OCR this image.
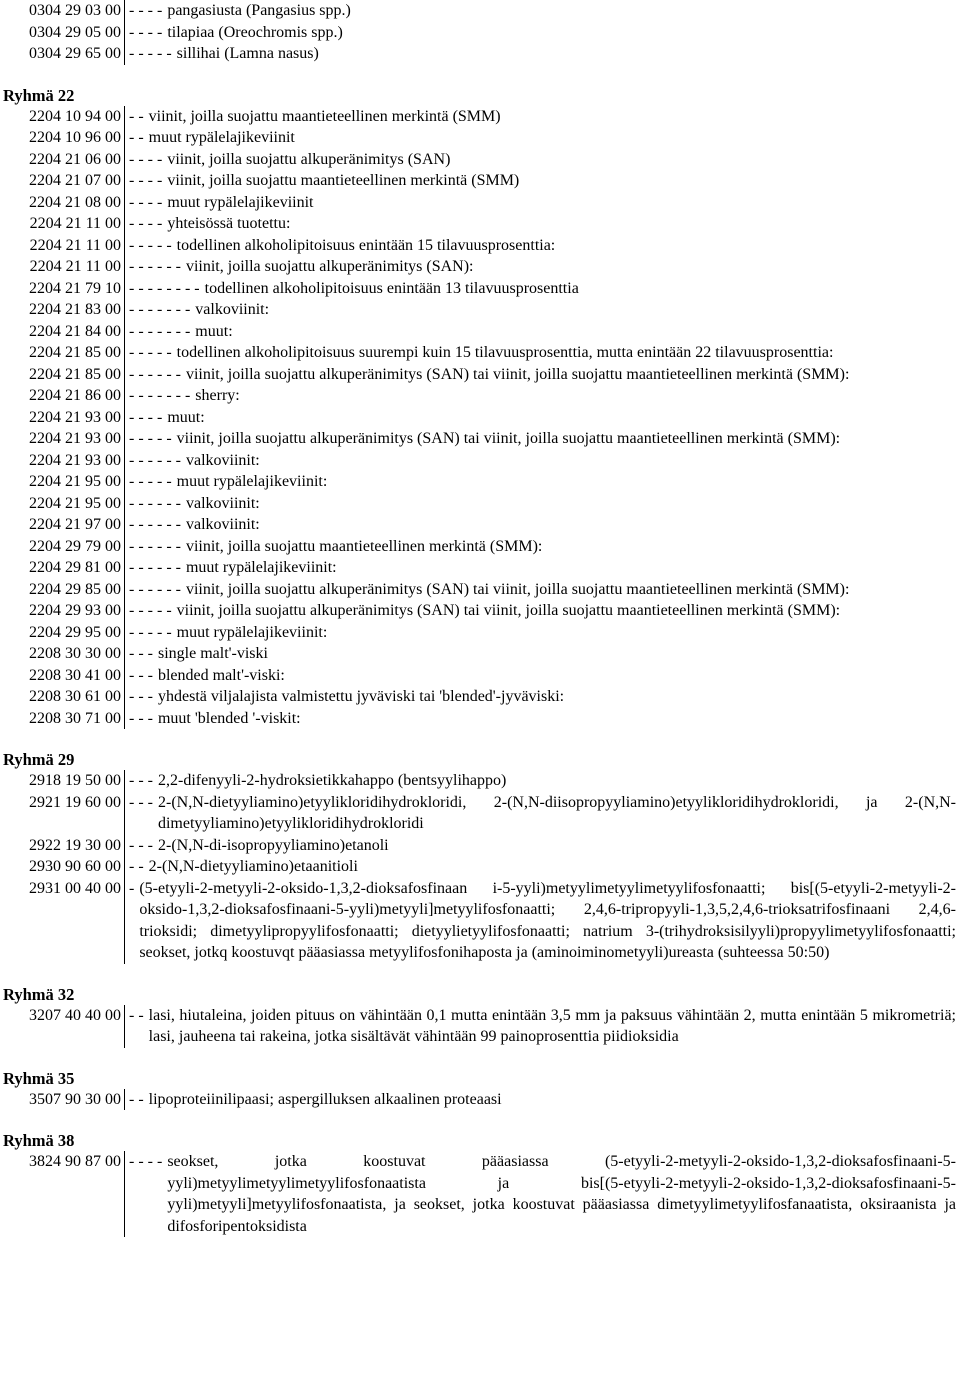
0304 29 03 00 - - - - pangasiusta (Pangasius spp.)
0304 29 05 00 - - - - tilapiaa (Oreochromis spp.)
0304 29 65 00 - - - - - sillihai (Lamna nasus)
Ryhmä 22
2204 10 94 00 - - viinit, joilla suojattu maantieteellinen merkintä (SMM)
2204 10 96 00 - - muut rypälelajikeviinit
2204 21 06 00 - - - - viinit, joilla suojattu alkuperänimitys (SAN)
2204 21 07 00 - - - - viinit, joilla suojattu maantieteellinen merkintä (SMM)
2204 21 08 00 - - - - muut rypälelajikeviinit
2204 21 11 00 - - - - yhteisössä tuotettu:
2204 21 11 00 - - - - - todellinen alkoholipitoisuus enintään 15 tilavuusprosenttia:
2204 21 11 00 - - - - - - viinit, joilla suojattu alkuperänimitys (SAN):
2204 21 79 10 - - - - - - - - todellinen alkoholipitoisuus enintään 13 tilavuusprosenttia
2204 21 83 00 - - - - - - - valkoviinit:
2204 21 84 00 - - - - - - - muut:
2204 21 85 00 - - - - - todellinen alkoholipitoisuus suurempi kuin 15 tilavuusprosenttia, mutta enintään 22 tilavuusprosenttia:
2204 21 85 00 - - - - - - viinit, joilla suojattu alkuperänimitys (SAN) tai viinit, joilla suojattu maantieteellinen merkintä (SMM):
2204 21 86 00 - - - - - - - sherry:
2204 21 93 00 - - - - muut:
2204 21 93 00 - - - - - viinit, joilla suojattu alkuperänimitys (SAN) tai viinit, joilla suojattu maantieteellinen merkintä (SMM):
2204 21 93 00 - - - - - - valkoviinit:
2204 21 95 00 - - - - - muut rypälelajikeviinit:
2204 21 95 00 - - - - - - valkoviinit:
2204 21 97 00 - - - - - - valkoviinit:
2204 29 79 00 - - - - - - viinit, joilla suojattu maantieteellinen merkintä (SMM):
2204 29 81 00 - - - - - - muut rypälelajikeviinit:
2204 29 85 00 - - - - - - viinit, joilla suojattu alkuperänimitys (SAN) tai viinit, joilla suojattu maantieteellinen merkintä (SMM):
2204 29 93 00 - - - - - viinit, joilla suojattu alkuperänimitys (SAN) tai viinit, joilla suojattu maantieteellinen merkintä (SMM):
2204 29 95 00 - - - - - muut rypälelajikeviinit:
2208 30 30 00 - - - single malt'-viski
2208 30 41 00 - - - blended malt'-viski:
2208 30 61 00 - - - yhdestä viljalajista valmistettu jyväviski tai 'blended'-jyväviski:
2208 30 71 00 - - - muut 'blended '-viskit:
Ryhmä 29
2918 19 50 00 - - - 2,2-difenyyli-2-hydroksietikkahappo (bentsyylihappo)
2921 19 60 00 - - - 2-(N,N-dietyyliamino)etyylikloridihydrokloridi, 2-(N,N-diisopropyyliamino)etyylikloridihydrokloridi, ja 2-(N,N-dimetyyliamino)etyylikloridihydrokloridi
2922 19 30 00 - - - 2-(N,N-di-isopropyyliamino)etanoli
2930 90 60 00 - - 2-(N,N-dietyyliamino)etaanitioli
2931 00 40 00 - (5-etyyli-2-metyyli-2-oksido-1,3,2-dioksafosfinaan i-5-yyli)metyylimetyylimetyylifosfonaatti; bis[(5-etyyli-2-metyyli-2-oksido-1,3,2-dioksafosfinaani-5-yyli)metyyli]metyylifosfonaatti; 2,4,6-tripropyyli-1,3,5,2,4,6-trioksatrifosfinaani 2,4,6-trioksidi; dimetyylipropyylifosfonaatti; dietyylietyylifosfonaatti; natrium 3-(trihydroksisilyyli)propyylimetyylifosfonaatti; seokset, jotkq koostuvqt pääasiassa metyylifosfonihaposta ja (aminoiminometyyli)ureasta (suhteessa 50:50)
Ryhmä 32
3207 40 40 00 - - lasi, hiutaleina, joiden pituus on vähintään 0,1 mutta enintään 3,5 mm ja paksuus vähintään 2, mutta enintään 5 mikrometriä; lasi, jauheena tai rakeina, jotka sisältävät vähintään 99 painoprosenttia piidioksidia
Ryhmä 35
3507 90 30 00 - - lipoproteiinilipaasi; aspergilluksen alkaalinen proteaasi
Ryhmä 38
3824 90 87 00 - - - - seokset, jotka koostuvat pääasiassa (5-etyyli-2-metyyli-2-oksido-1,3,2-dioksafosfinaani-5-yyli)metyylimetyylimetyylifosfonaatista ja bis[(5-etyyli-2-metyyli-2-oksido-1,3,2-dioksafosfinaani-5-yyli)metyyli]metyylifosfonaatista, ja seokset, jotka koostuvat pääasiassa dimetyylimetyylifosfanaatista, oksiraanista ja difosforipentoksidista
